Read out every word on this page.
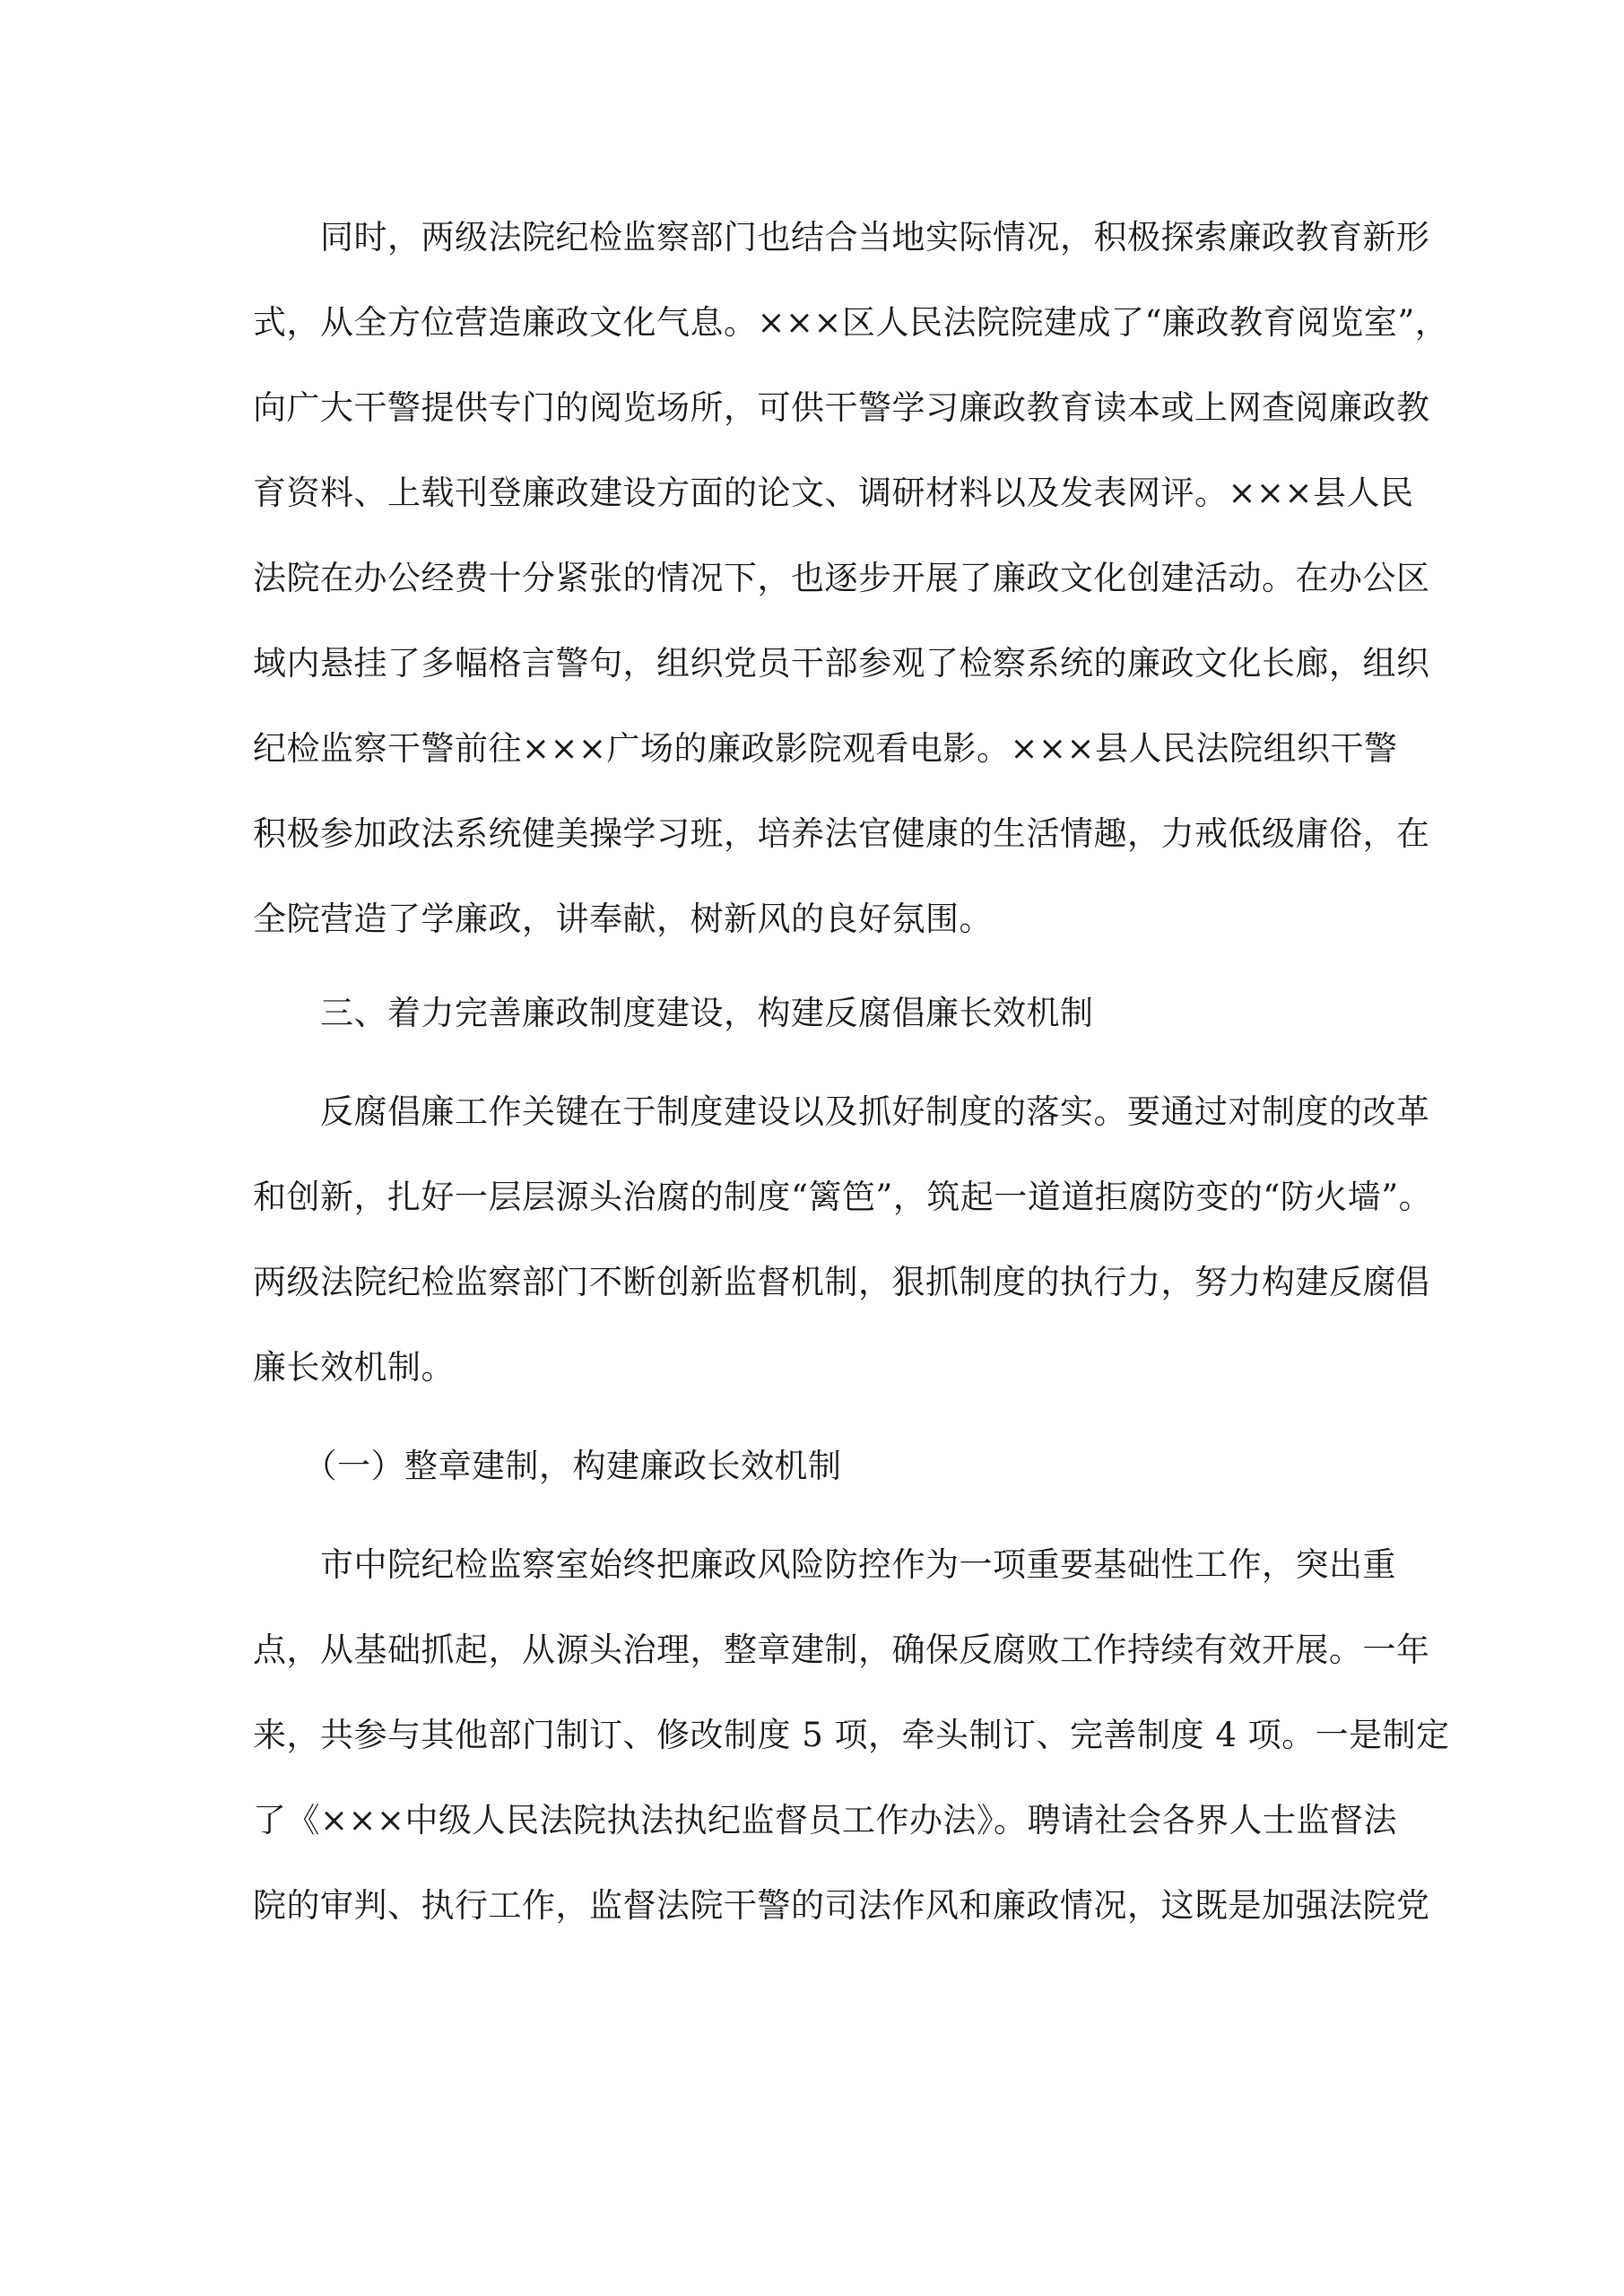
　　同时，两级法院纪检监察部门也结合当地实际情况，积极探索廉政教育新形
式，从全方位营造廉政文化气息。×××区人民法院院建成了“廉政教育阅览室”，
向广大干警提供专门的阅览场所，可供干警学习廉政教育读本或上网查阅廉政教
育资料、上载刊登廉政建设方面的论文、调研材料以及发表网评。×××县人民
法院在办公经费十分紧张的情况下，也逐步开展了廉政文化创建活动。在办公区
域内悬挂了多幅格言警句，组织党员干部参观了检察系统的廉政文化长廊，组织
纪检监察干警前往×××广场的廉政影院观看电影。×××县人民法院组织干警
积极参加政法系统健美操学习班，培养法官健康的生活情趣，力戒低级庸俗，在
全院营造了学廉政，讲奉献，树新风的良好氛围。
　　三、着力完善廉政制度建设，构建反腐倡廉长效机制
　　反腐倡廉工作关键在于制度建设以及抓好制度的落实。要通过对制度的改革
和创新，扎好一层层源头治腐的制度“篱笆”，筑起一道道拒腐防变的“防火墙”。
两级法院纪检监察部门不断创新监督机制，狠抓制度的执行力，努力构建反腐倡
廉长效机制。
　　（一）整章建制，构建廉政长效机制
　　市中院纪检监察室始终把廉政风险防控作为一项重要基础性工作，突出重
点，从基础抓起，从源头治理，整章建制，确保反腐败工作持续有效开展。一年
来，共参与其他部门制订、修改制度 5 项，牵头制订、完善制度 4 项。一是制定
了《×××中级人民法院执法执纪监督员工作办法》。聘请社会各界人士监督法
院的审判、执行工作，监督法院干警的司法作风和廉政情况，这既是加强法院党
